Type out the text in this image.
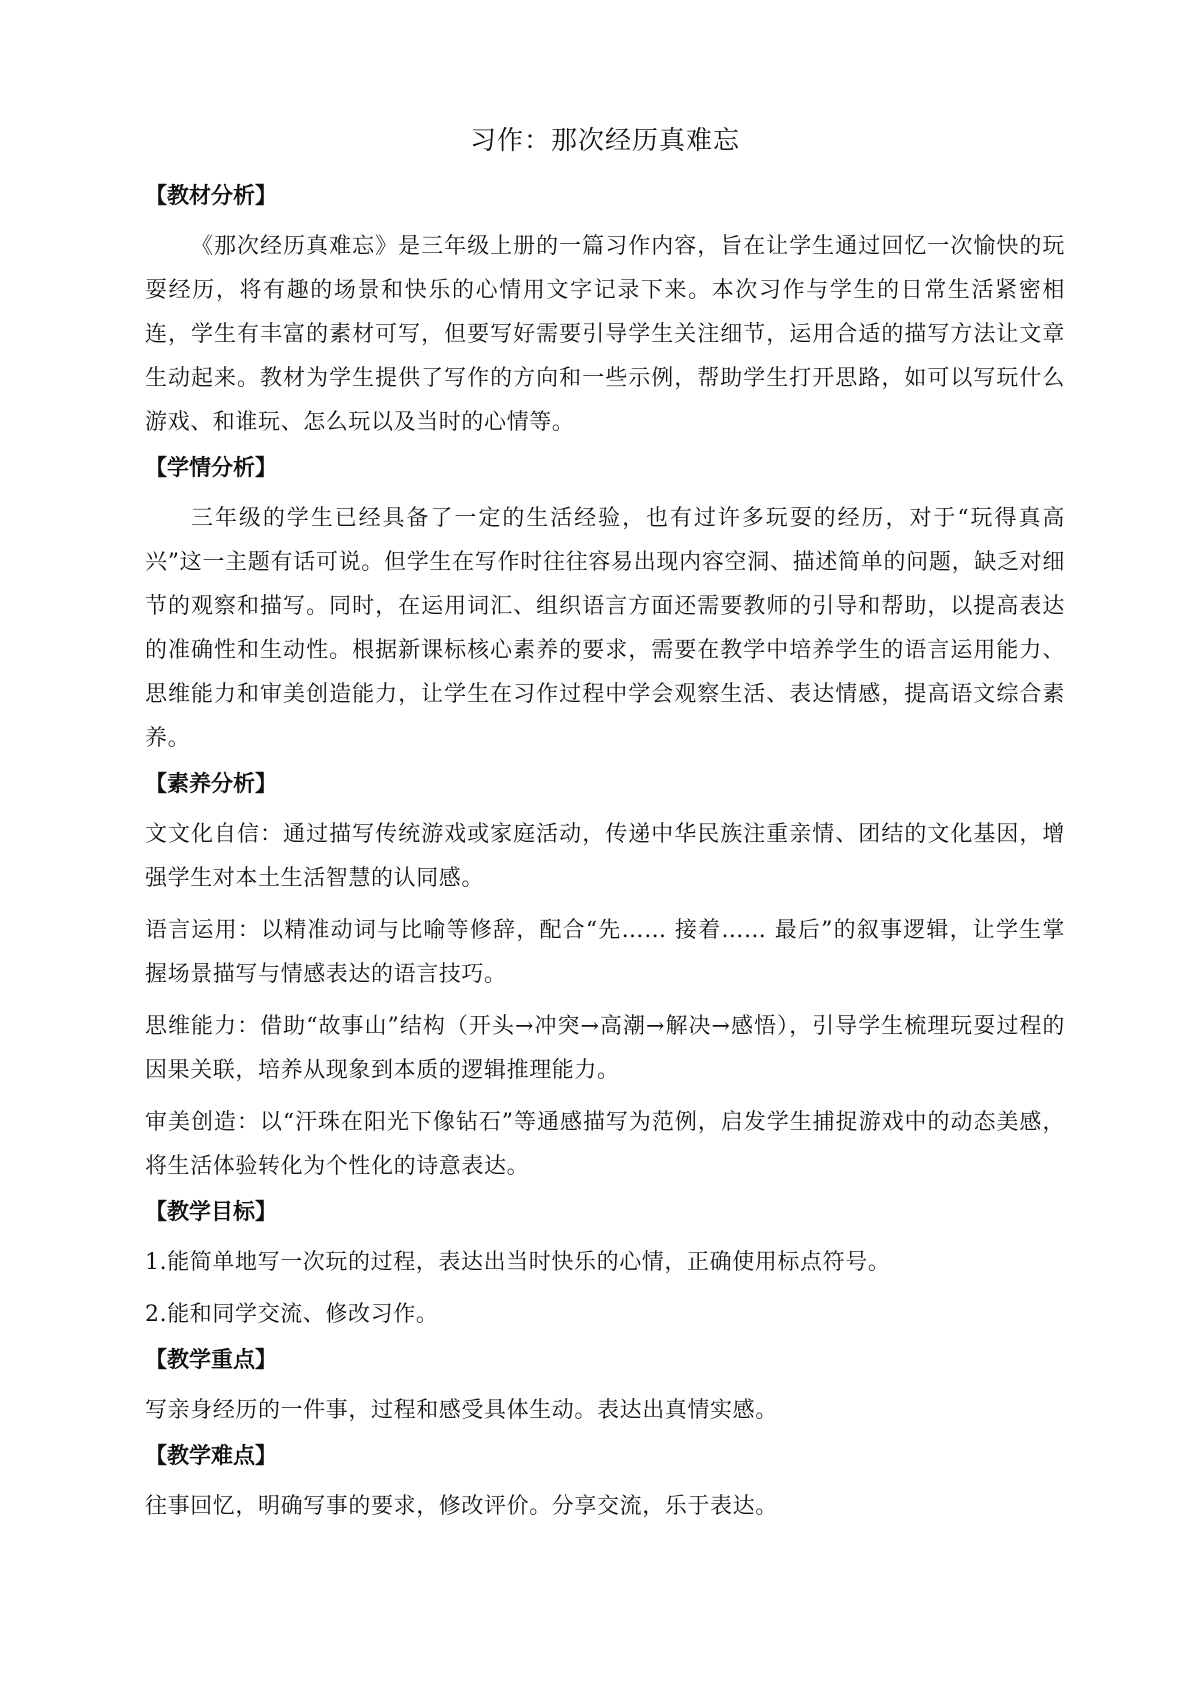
习作：那次经历真难忘
【教材分析】

《那次经历真难忘》是三年级上册的一篇习作内容，旨在让学生通过回忆一次愉快的玩耍经历，将有趣的场景和快乐的心情用文字记录下来。本次习作与学生的日常生活紧密相连，学生有丰富的素材可写，但要写好需要引导学生关注细节，运用合适的描写方法让文章生动起来。教材为学生提供了写作的方向和一些示例，帮助学生打开思路，如可以写玩什么游戏、和谁玩、怎么玩以及当时的心情等。

【学情分析】

三年级的学生已经具备了一定的生活经验，也有过许多玩耍的经历，对于“玩得真高兴”这一主题有话可说。但学生在写作时往往容易出现内容空洞、描述简单的问题，缺乏对细节的观察和描写。同时，在运用词汇、组织语言方面还需要教师的引导和帮助，以提高表达的准确性和生动性。根据新课标核心素养的要求，需要在教学中培养学生的语言运用能力、思维能力和审美创造能力，让学生在习作过程中学会观察生活、表达情感，提高语文综合素养。

【素养分析】

文文化自信：通过描写传统游戏或家庭活动，传递中华民族注重亲情、团结的文化基因，增强学生对本土生活智慧的认同感。

语言运用：以精准动词与比喻等修辞，配合“先…… 接着…… 最后”的叙事逻辑，让学生掌握场景描写与情感表达的语言技巧。

思维能力：借助“故事山”结构（开头→冲突→高潮→解决→感悟），引导学生梳理玩耍过程的因果关联，培养从现象到本质的逻辑推理能力。

审美创造：以“汗珠在阳光下像钻石”等通感描写为范例，启发学生捕捉游戏中的动态美感，将生活体验转化为个性化的诗意表达。

【教学目标】

1.能简单地写一次玩的过程，表达出当时快乐的心情，正确使用标点符号。

2.能和同学交流、修改习作。

【教学重点】

写亲身经历的一件事，过程和感受具体生动。表达出真情实感。

【教学难点】

往事回忆，明确写事的要求，修改评价。分享交流，乐于表达。
